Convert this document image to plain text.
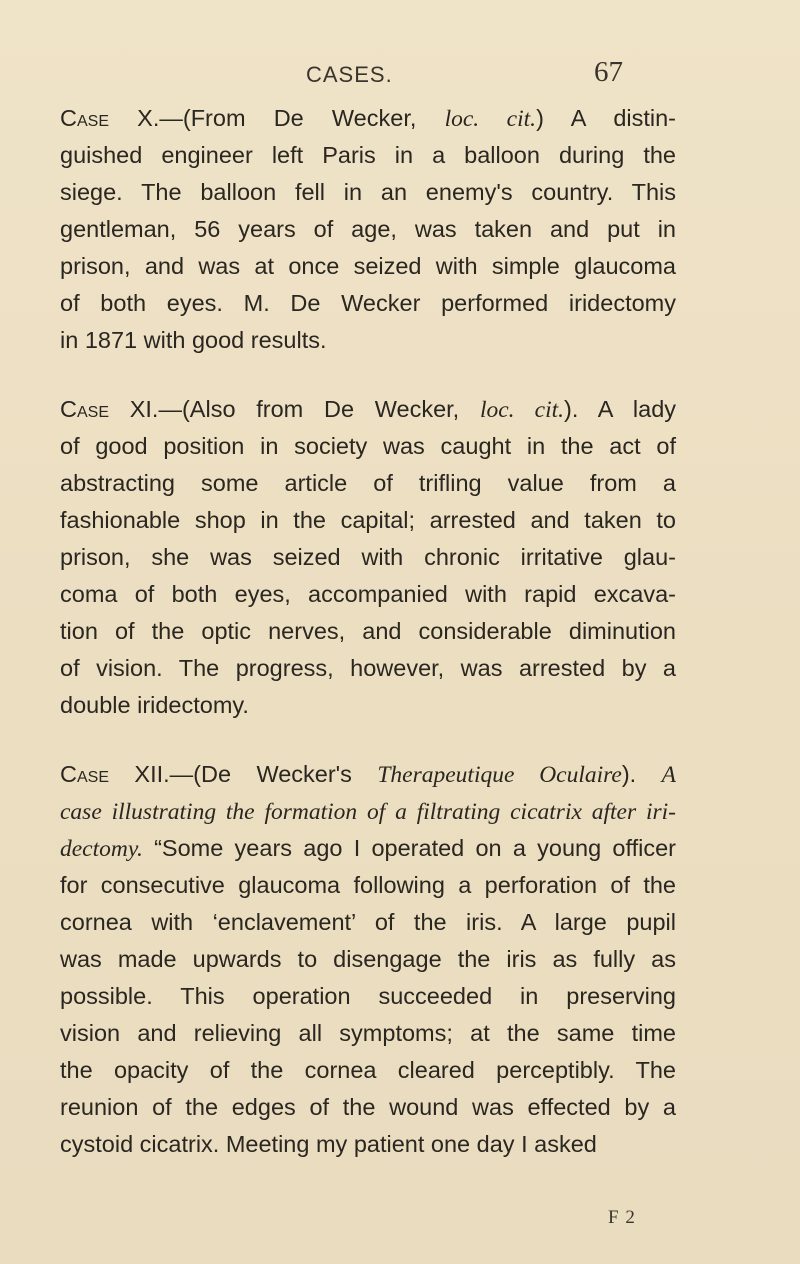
CASES.	67
Case X.—(From De Wecker, loc. cit.) A distin-
guished engineer left Paris in a balloon during the
siege. The balloon fell in an enemy's country. This
gentleman, 56 years of age, was taken and put in
prison, and was at once seized with simple glaucoma
of both eyes. M. De Wecker performed iridectomy
in 1871 with good results.
Case XI.—(Also from De Wecker, loc. cit.). A lady
of good position in society was caught in the act of
abstracting some article of trifling value from a
fashionable shop in the capital; arrested and taken to
prison, she was seized with chronic irritative glau-
coma of both eyes, accompanied with rapid excava-
tion of the optic nerves, and considerable diminution
of vision. The progress, however, was arrested by a
double iridectomy.
Case XII.—(De Wecker's Therapeutique Oculaire). A
case illustrating the formation of a filtrating cicatrix after iri-
dectomy. “Some years ago I operated on a young officer
for consecutive glaucoma following a perforation of the
cornea with ‘enclavement’ of the iris. A large pupil
was made upwards to disengage the iris as fully as
possible. This operation succeeded in preserving
vision and relieving all symptoms; at the same time
the opacity of the cornea cleared perceptibly. The
reunion of the edges of the wound was effected by a
cystoid cicatrix. Meeting my patient one day I asked
F 2
